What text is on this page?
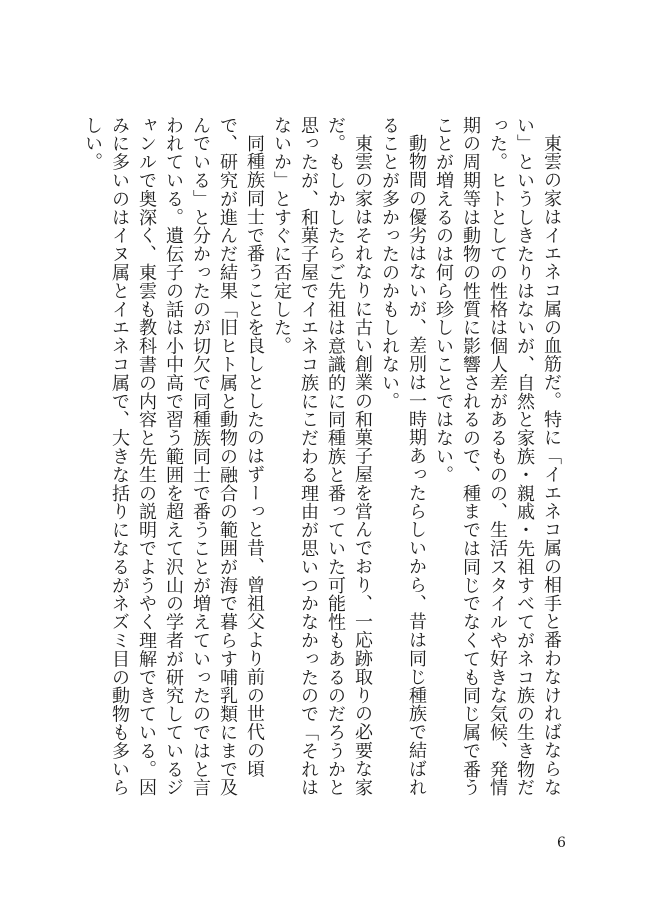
東雲の家はイエネコ属の血筋だ。特に「イエネコ属の相手と番わなければならない」というしきたりはないが、自然と家族・親戚・先祖すべてがネコ族の生き物だった。ヒトとしての性格は個人差があるものの、生活スタイルや好きな気候、発情期の周期等は動物の性質に影響されるので、種までは同じでなくても同じ属で番うことが増えるのは何ら珍しいことではない。

動物間の優劣はないが、差別は一時期あったらしいから、昔は同じ種族で結ばれることが多かったのかもしれない。

東雲の家はそれなりに古い創業の和菓子屋を営んでおり、一応跡取りの必要な家だ。もしかしたらご先祖は意識的に同種族と番っていた可能性もあるのだろうかと思ったが、和菓子屋でイエネコ族にこだわる理由が思いつかなかったので「それはないか」とすぐに否定した。

同種族同士で番うことを良しとしたのはずーっと昔、曾祖父より前の世代の頃で、研究が進んだ結果「旧ヒト属と動物の融合の範囲が海で暮らす哺乳類にまで及んでいる」と分かったのが切欠で同種族同士で番うことが増えていったのではと言われている。遺伝子の話は小中高で習う範囲を超えて沢山の学者が研究しているジャンルで奥深く、東雲も教科書の内容と先生の説明でようやく理解できている。因みに多いのはイヌ属とイエネコ属で、大きな括りになるがネズミ目の動物も多いらしい。

6
